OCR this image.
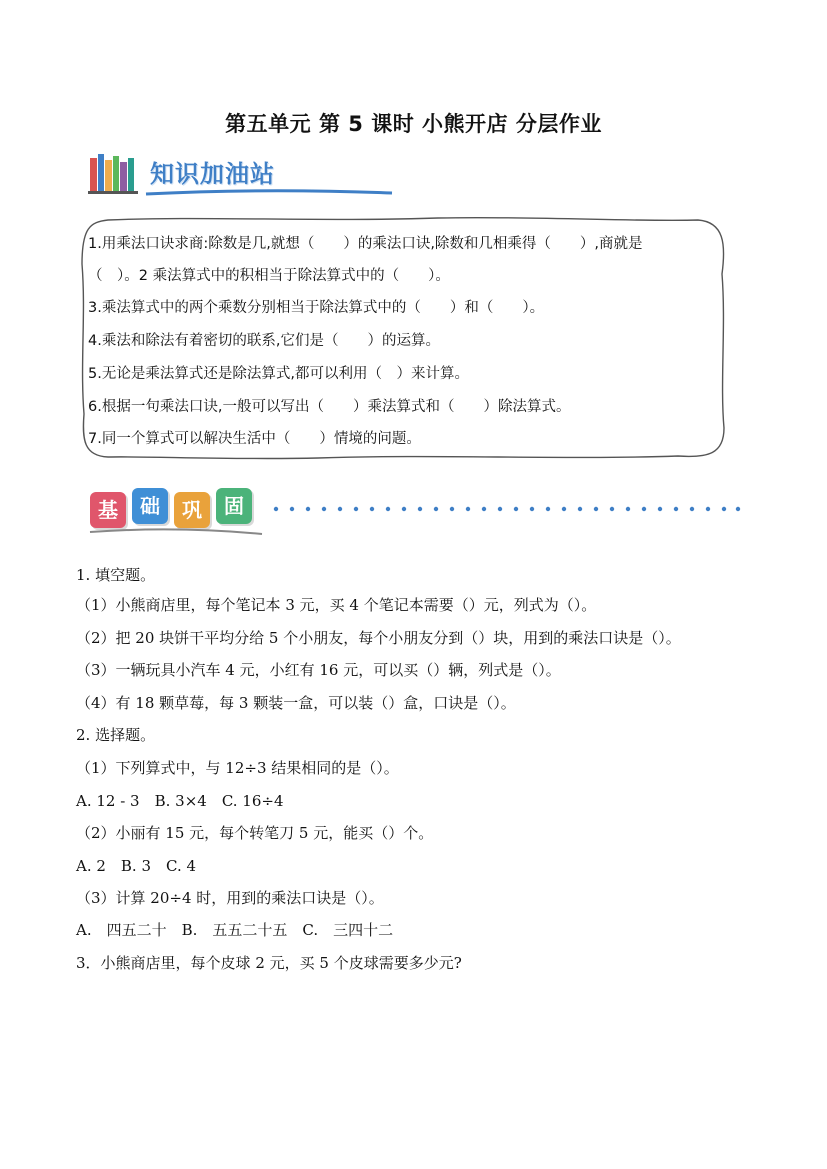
第五单元 第 5 课时 小熊开店 分层作业
知识加油站
1.用乘法口诀求商:除数是几,就想（　　）的乘法口诀,除数和几相乘得（　　）,商就是
（　）。2 乘法算式中的积相当于除法算式中的（　　）。
3.乘法算式中的两个乘数分别相当于除法算式中的（　　）和（　　）。
4.乘法和除法有着密切的联系,它们是（　　）的运算。
5.无论是乘法算式还是除法算式,都可以利用（　）来计算。
6.根据一句乘法口诀,一般可以写出（　　）乘法算式和（　　）除法算式。
7.同一个算式可以解决生活中（　　）情境的问题。
基	础	巩	固
1. 填空题。
（1）小熊商店里，每个笔记本 3 元，买 4 个笔记本需要（）元，列式为（）。
（2）把 20 块饼干平均分给 5 个小朋友，每个小朋友分到（）块，用到的乘法口诀是（）。
（3）一辆玩具小汽车 4 元，小红有 16 元，可以买（）辆，列式是（）。
（4）有 18 颗草莓，每 3 颗装一盒，可以装（）盒，口诀是（）。
2. 选择题。
（1）下列算式中，与 12÷3 结果相同的是（）。
A. 12 - 3　B. 3×4　C. 16÷4
（2）小丽有 15 元，每个转笔刀 5 元，能买（）个。
A. 2　B. 3　C. 4
（3）计算 20÷4 时，用到的乘法口诀是（）。
A.　四五二十　B.　五五二十五　C.　三四十二
3．小熊商店里，每个皮球 2 元，买 5 个皮球需要多少元?
